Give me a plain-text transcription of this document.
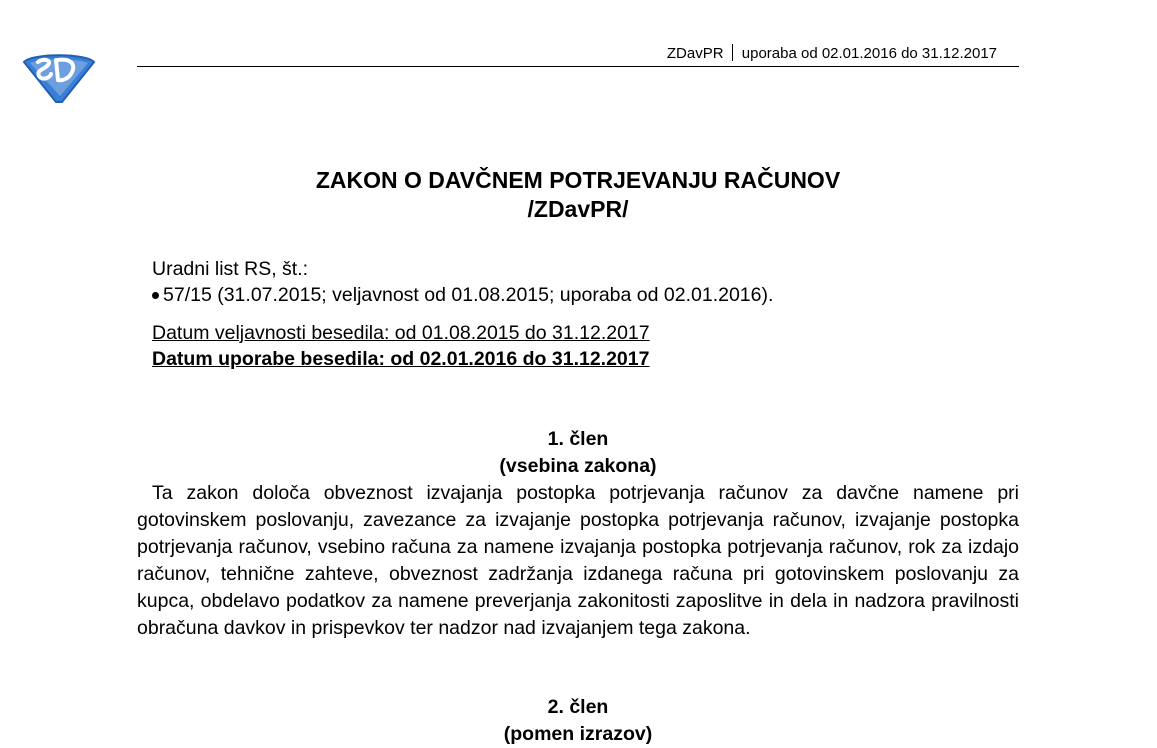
ZDavPR uporaba od 02.01.2016 do 31.12.2017
ZAKON O DAVČNEM POTRJEVANJU RAČUNOV
/ZDavPR/
Uradni list RS, št.:
57/15 (31.07.2015; veljavnost od 01.08.2015; uporaba od 02.01.2016).
Datum veljavnosti besedila: od 01.08.2015 do 31.12.2017
Datum uporabe besedila: od 02.01.2016 do 31.12.2017
1. člen
(vsebina zakona)
Ta zakon določa obveznost izvajanja postopka potrjevanja računov za davčne namene pri gotovinskem poslovanju, zavezance za izvajanje postopka potrjevanja računov, izvajanje postopka potrjevanja računov, vsebino računa za namene izvajanja postopka potrjevanja računov, rok za izdajo računov, tehnične zahteve, obveznost zadržanja izdanega računa pri gotovinskem poslovanju za kupca, obdelavo podatkov za namene preverjanja zakonitosti zaposlitve in dela in nadzora pravilnosti obračuna davkov in prispevkov ter nadzor nad izvajanjem tega zakona.
2. člen
(pomen izrazov)
